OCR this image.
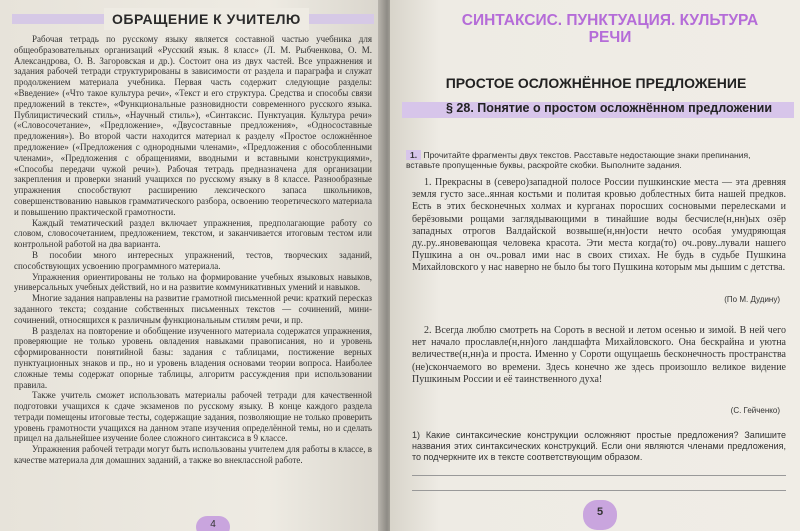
ОБРАЩЕНИЕ К УЧИТЕЛЮ

Рабочая тетрадь по русскому языку является составной частью учебника для общеобразовательных организаций «Русский язык. 8 класс» (Л. М. Рыбченкова, О. М. Александрова, О. В. Загоровская и др.). Состоит она из двух частей. Все упражнения и задания рабочей тетради структурированы в зависимости от раздела и параграфа и служат продолжением материала учебника. Первая часть содержит следующие разделы: «Введение» («Что такое культура речи», «Текст и его структура. Средства и способы связи предложений в тексте», «Функциональные разновидности современного русского языка. Публицистический стиль», «Научный стиль»), «Синтаксис. Пунктуация. Культура речи» («Словосочетание», «Предложение», «Двусоставные предложения», «Односоставные предложения»). Во второй части находится материал к разделу «Простое осложнённое предложение» («Предложения с однородными членами», «Предложения с обособленными членами», «Предложения с обращениями, вводными и вставными конструкциями», «Способы передачи чужой речи»). Рабочая тетрадь предназначена для организации закрепления и проверки знаний учащихся по русскому языку в 8 классе. Разнообразные упражнения способствуют расширению лексического запаса школьников, совершенствованию навыков грамматического разбора, освоению теоретического материала и повышению практической грамотности.

Каждый тематический раздел включает упражнения, предполагающие работу со словом, словосочетанием, предложением, текстом, и заканчивается итоговым тестом или контрольной работой на два варианта.

В пособии много интересных упражнений, тестов, творческих заданий, способствующих усвоению программного материала.

Упражнения ориентированы не только на формирование учебных языковых навыков, универсальных учебных действий, но и на развитие коммуникативных умений и навыков.

Многие задания направлены на развитие грамотной письменной речи: краткий пересказ заданного текста; создание собственных письменных текстов — сочинений, мини-сочинений, относящихся к различным функциональным стилям речи, и пр.

В разделах на повторение и обобщение изученного материала содержатся упражнения, проверяющие не только уровень овладения навыками правописания, но и уровень сформированности понятийной базы: задания с таблицами, постижение верных пунктуационных знаков и пр., но и уровень владения основами теории вопроса. Наиболее сложные темы содержат опорные таблицы, алгоритм рассуждения при использовании правила.

Также учитель сможет использовать материалы рабочей тетради для качественной подготовки учащихся к сдаче экзаменов по русскому языку. В конце каждого раздела тетради помещены итоговые тесты, содержащие задания, позволяющие не только проверить уровень грамотности учащихся на данном этапе изучения определённой темы, но и сделать прицел на дальнейшее изучение более сложного синтаксиса в 9 классе.

Упражнения рабочей тетради могут быть использованы учителем для работы в классе, в качестве материала для домашних заданий, а также во внеклассной работе.

4
СИНТАКСИС. ПУНКТУАЦИЯ. КУЛЬТУРА РЕЧИ
ПРОСТОЕ ОСЛОЖНЁННОЕ ПРЕДЛОЖЕНИЕ
§ 28. Понятие о простом осложнённом предложении
1. Прочитайте фрагменты двух текстов. Расставьте недостающие знаки препинания, вставьте пропущенные буквы, раскройте скобки. Выполните задания.

1. Прекрасны в (северо)западной полосе России пушкинские места — эта древняя земля густо засе..янная костьми и политая кровью доблестных бита нашей предков. Есть в этих бесконечных холмах и курганах поросших сосновыми перелесками и берёзовыми рощами заглядывающими в тинайшие воды бесчисле(н,нн)ых озёр западных отрогов Валдайской возвыше(н,нн)ости нечто особая умудряющая ду..ру..яновевающая человека красота. Эти места когда(то) оч..рову..лували нашего Пушкина а он оч..ровал ими нас в своих стихах. Не будь в судьбе Пушкина Михайловского у нас наверно не было бы того Пушкина которым мы дышим с детства.

(По М. Дудину)

2. Всегда люблю смотреть на Сороть в весной и летом осенью и зимой. В ней чего нет начало прославле(н,нн)ого ландшафта Михайловского. Она бескрайна и уютна величестве(н,нн)а и проста. Именно у Сороти ощущаешь бесконечность пространства (не)скончаемого во времени. Здесь конечно же здесь произошло великое видение Пушкиным России и её таинственного духа!

(С. Гейченко)
1) Какие синтаксические конструкции осложняют простые предложения? Запишите названия этих синтаксических конструкций. Если они являются членами предложения, то подчеркните их в тексте соответствующим образом.
5
